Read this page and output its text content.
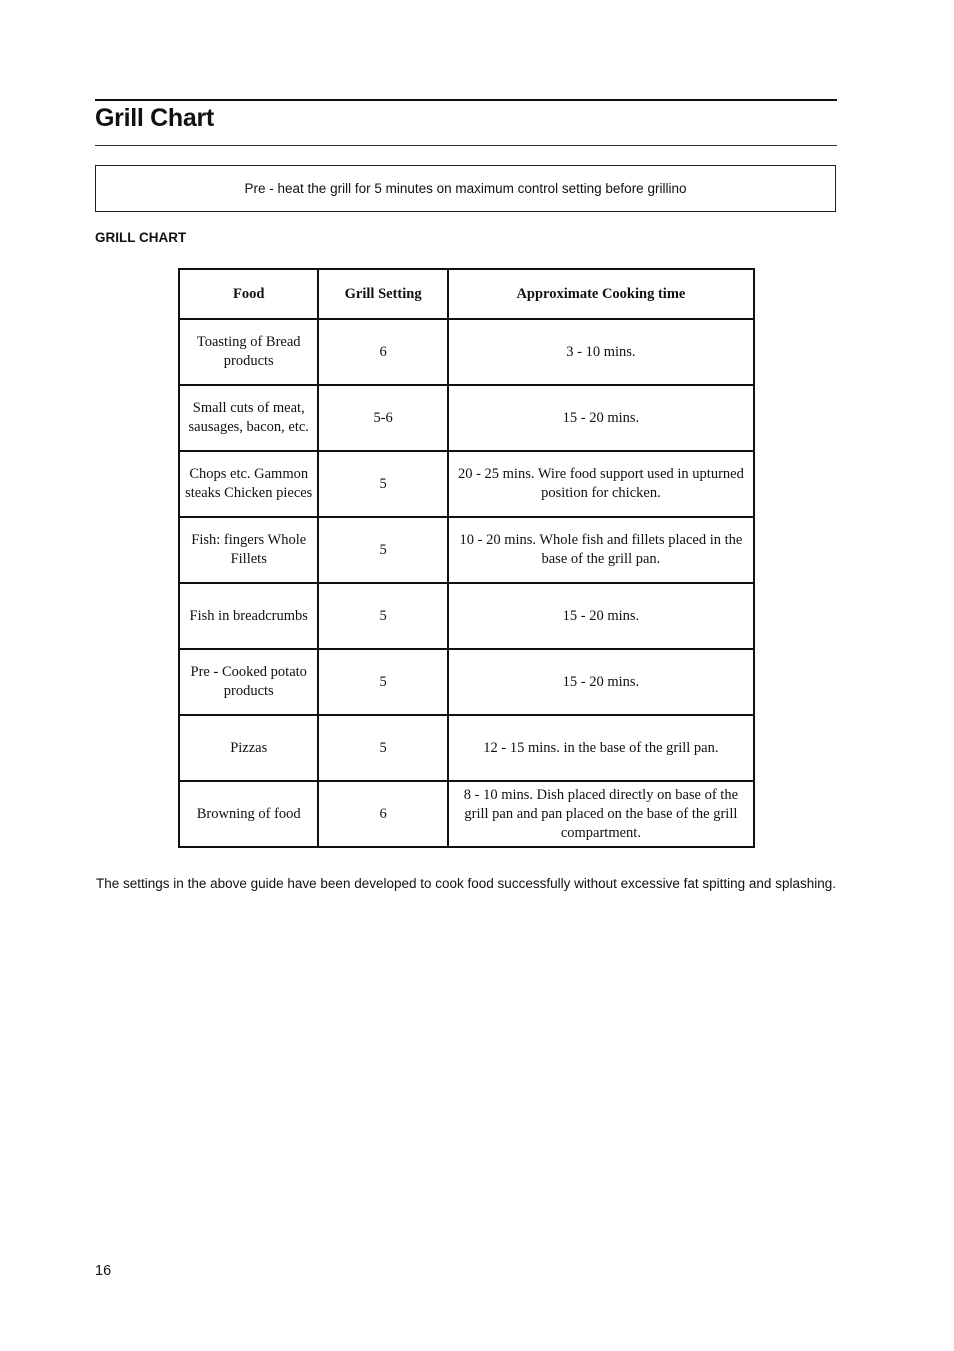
Grill Chart
Pre - heat the grill for 5 minutes on maximum control setting before grillino
GRILL CHART
Food	Grill Setting	Approximate Cooking time
Toasting of Bread products	6	3 - 10 mins.
Small cuts of meat, sausages, bacon, etc.	5-6	15 - 20 mins.
Chops etc. Gammon steaks Chicken pieces	5	20 - 25 mins. Wire food support used in upturned position for chicken.
Fish: fingers Whole Fillets	5	10 - 20 mins. Whole fish and fillets placed in the base of the grill pan.
Fish in breadcrumbs	5	15 - 20 mins.
Pre - Cooked potato products	5	15 - 20 mins.
Pizzas	5	12 - 15 mins. in the base of the grill pan.
Browning of food	6	8 - 10 mins. Dish placed directly on base of the grill pan and pan placed on the base of the grill compartment.

The settings in the above guide have been developed to cook food successfully without excessive fat spitting and splashing.

16
